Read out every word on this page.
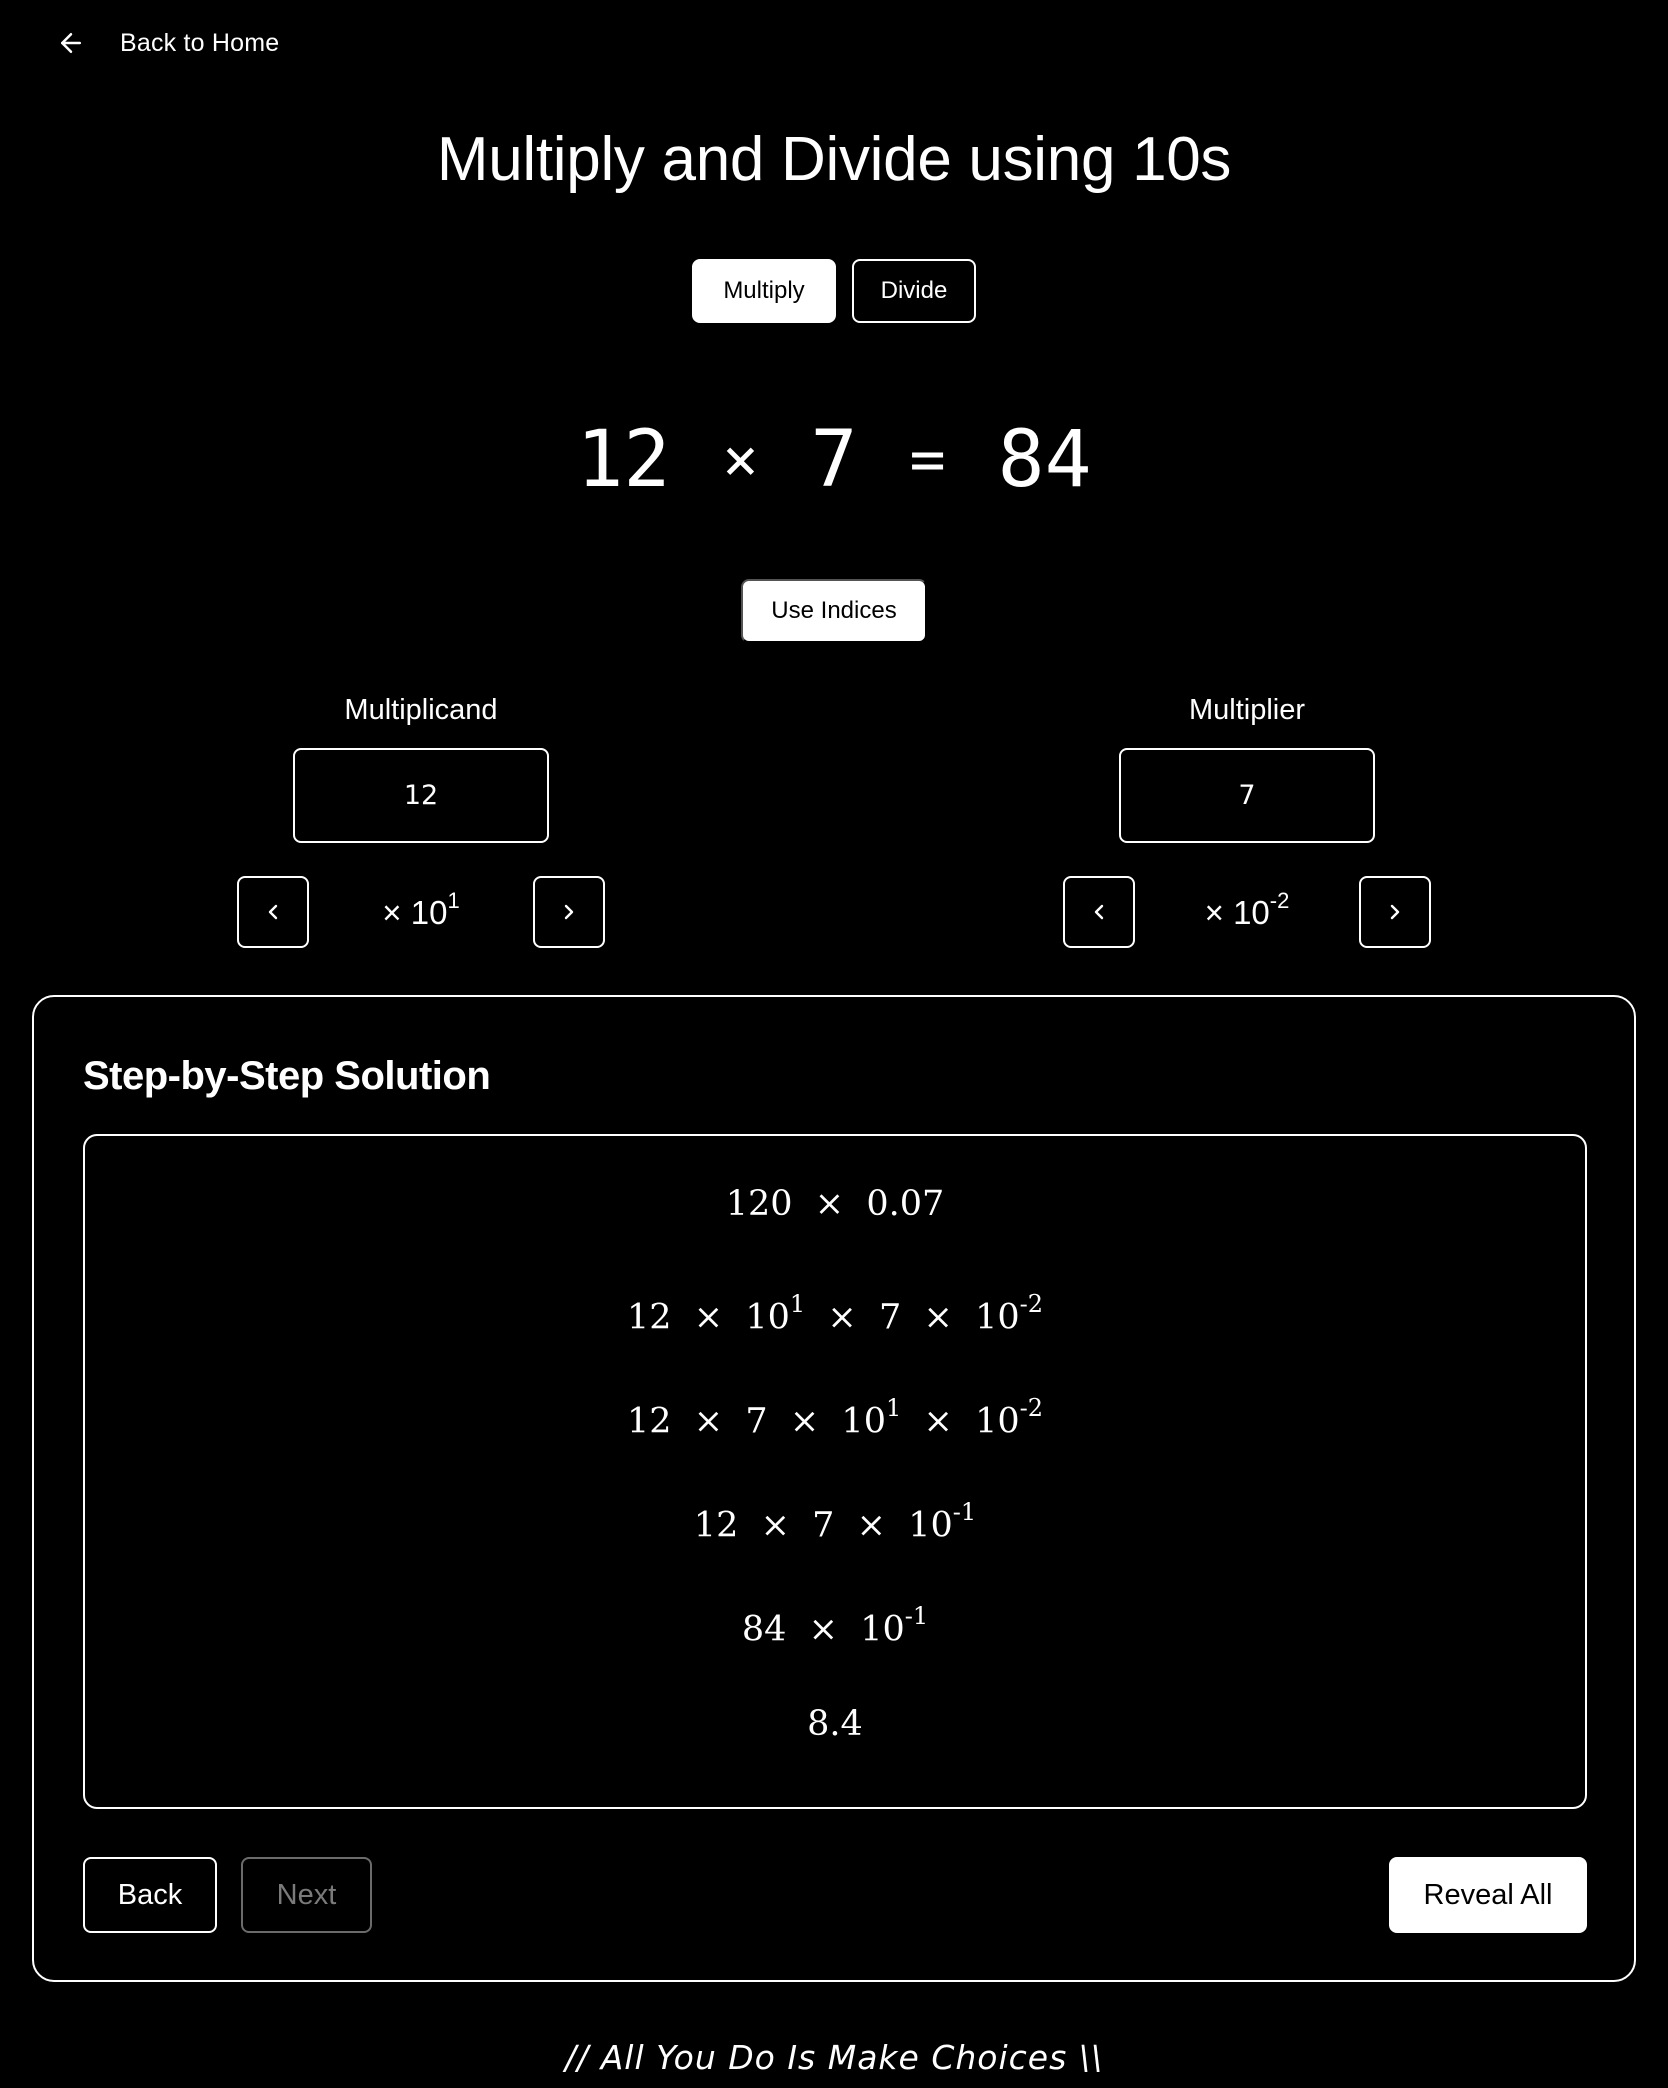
Back to Home
Multiply and Divide using 10s
Multiply	Divide
12 × 7 = 84
Use Indices
Multiplicand
12
× $10^1$
Multiplier
7
× $10^{-2}$
Step-by-Step Solution
120  ×  0.07
$12 \times 10^1 \times 7 \times 10^{-2}$
$12 \times 7 \times 10^1 \times 10^{-2}$
$12 \times 7 \times 10^{-1}$
$84 \times 10^{-1}$
8.4
Back	Next	Reveal All
// All You Do Is Make Choices \\
